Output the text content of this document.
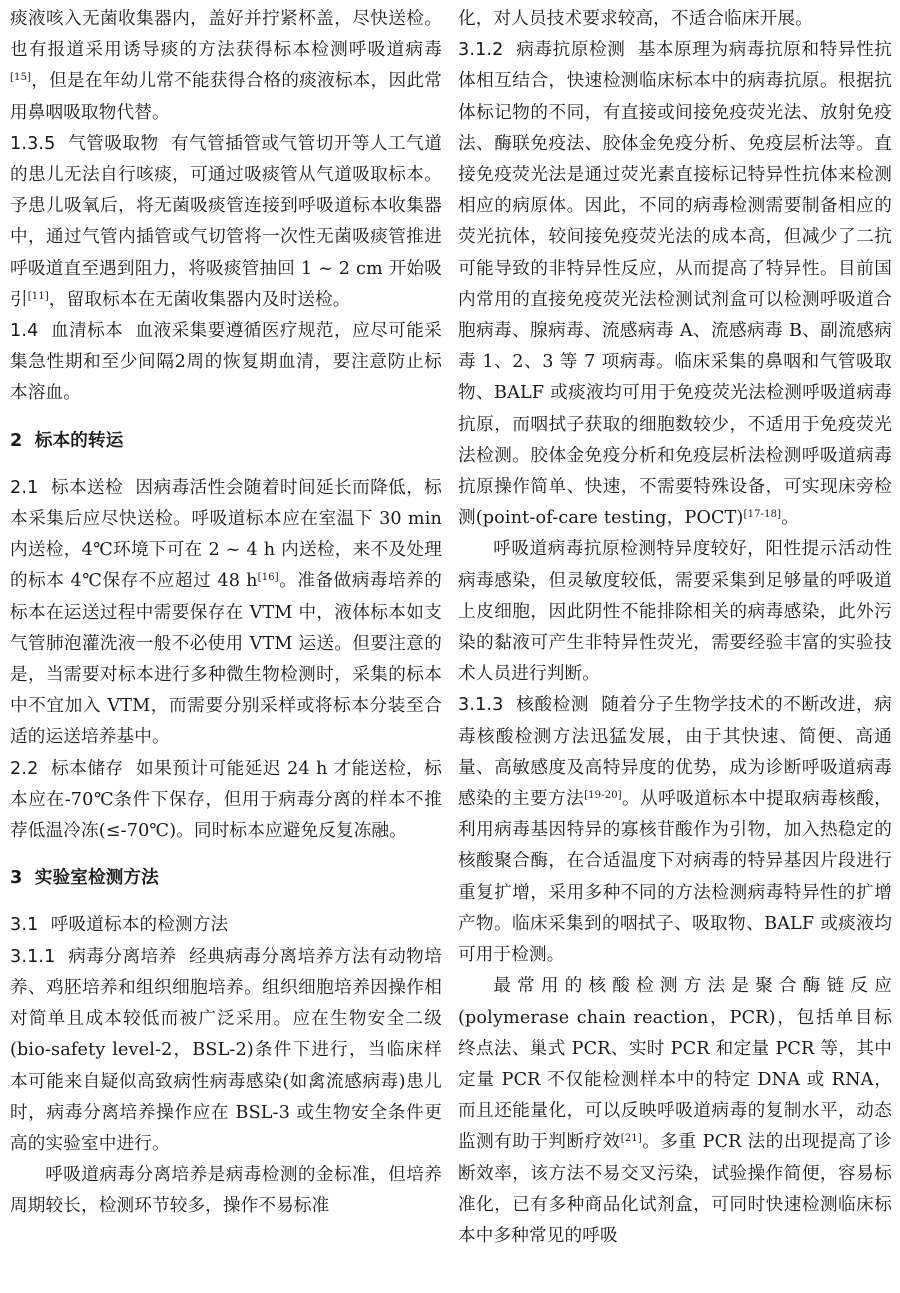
痰液咳入无菌收集器内，盖好并拧紧杯盖，尽快送检。也有报道采用诱导痰的方法获得标本检测呼吸道病毒[15]，但是在年幼儿常不能获得合格的痰液标本，因此常用鼻咽吸取物代替。

1.3.5 气管吸取物 有气管插管或气管切开等人工气道的患儿无法自行咳痰，可通过吸痰管从气道吸取标本。予患儿吸氧后，将无菌吸痰管连接到呼吸道标本收集器中，通过气管内插管或气切管将一次性无菌吸痰管推进呼吸道直至遇到阻力，将吸痰管抽回 1 ~ 2 cm 开始吸引[11]，留取标本在无菌收集器内及时送检。

1.4 血清标本 血液采集要遵循医疗规范，应尽可能采集急性期和至少间隔2周的恢复期血清，要注意防止标本溶血。

2 标本的转运

2.1 标本送检 因病毒活性会随着时间延长而降低，标本采集后应尽快送检。呼吸道标本应在室温下 30 min 内送检，4℃环境下可在 2 ~ 4 h 内送检，来不及处理的标本 4℃保存不应超过 48 h[16]。准备做病毒培养的标本在运送过程中需要保存在 VTM 中，液体标本如支气管肺泡灌洗液一般不必使用 VTM 运送。但要注意的是，当需要对标本进行多种微生物检测时，采集的标本中不宜加入 VTM，而需要分别采样或将标本分装至合适的运送培养基中。

2.2 标本储存 如果预计可能延迟 24 h 才能送检，标本应在-70℃条件下保存，但用于病毒分离的样本不推荐低温冷冻(≤-70℃)。同时标本应避免反复冻融。

3 实验室检测方法

3.1 呼吸道标本的检测方法

3.1.1 病毒分离培养 经典病毒分离培养方法有动物培养、鸡胚培养和组织细胞培养。组织细胞培养因操作相对简单且成本较低而被广泛采用。应在生物安全二级(bio-safety level-2，BSL-2)条件下进行，当临床样本可能来自疑似高致病性病毒感染(如禽流感病毒)患儿时，病毒分离培养操作应在 BSL-3 或生物安全条件更高的实验室中进行。

呼吸道病毒分离培养是病毒检测的金标准，但培养周期较长，检测环节较多，操作不易标准

化，对人员技术要求较高，不适合临床开展。

3.1.2 病毒抗原检测 基本原理为病毒抗原和特异性抗体相互结合，快速检测临床标本中的病毒抗原。根据抗体标记物的不同，有直接或间接免疫荧光法、放射免疫法、酶联免疫法、胶体金免疫分析、免疫层析法等。直接免疫荧光法是通过荧光素直接标记特异性抗体来检测相应的病原体。因此，不同的病毒检测需要制备相应的荧光抗体，较间接免疫荧光法的成本高，但减少了二抗可能导致的非特异性反应，从而提高了特异性。目前国内常用的直接免疫荧光法检测试剂盒可以检测呼吸道合胞病毒、腺病毒、流感病毒 A、流感病毒 B、副流感病毒 1、2、3 等 7 项病毒。临床采集的鼻咽和气管吸取物、BALF 或痰液均可用于免疫荧光法检测呼吸道病毒抗原，而咽拭子获取的细胞数较少，不适用于免疫荧光法检测。胶体金免疫分析和免疫层析法检测呼吸道病毒抗原操作简单、快速，不需要特殊设备，可实现床旁检测(point-of-care testing，POCT)[17-18]。

呼吸道病毒抗原检测特异度较好，阳性提示活动性病毒感染，但灵敏度较低，需要采集到足够量的呼吸道上皮细胞，因此阴性不能排除相关的病毒感染，此外污染的黏液可产生非特异性荧光，需要经验丰富的实验技术人员进行判断。

3.1.3 核酸检测 随着分子生物学技术的不断改进，病毒核酸检测方法迅猛发展，由于其快速、简便、高通量、高敏感度及高特异度的优势，成为诊断呼吸道病毒感染的主要方法[19-20]。从呼吸道标本中提取病毒核酸，利用病毒基因特异的寡核苷酸作为引物，加入热稳定的核酸聚合酶，在合适温度下对病毒的特异基因片段进行重复扩增，采用多种不同的方法检测病毒特异性的扩增产物。临床采集到的咽拭子、吸取物、BALF 或痰液均可用于检测。

最常用的核酸检测方法是聚合酶链反应(polymerase chain reaction，PCR)，包括单目标终点法、巢式 PCR、实时 PCR 和定量 PCR 等，其中定量 PCR 不仅能检测样本中的特定 DNA 或 RNA，而且还能量化，可以反映呼吸道病毒的复制水平，动态监测有助于判断疗效[21]。多重 PCR 法的出现提高了诊断效率，该方法不易交叉污染，试验操作简便，容易标准化，已有多种商品化试剂盒，可同时快速检测临床标本中多种常见的呼吸
